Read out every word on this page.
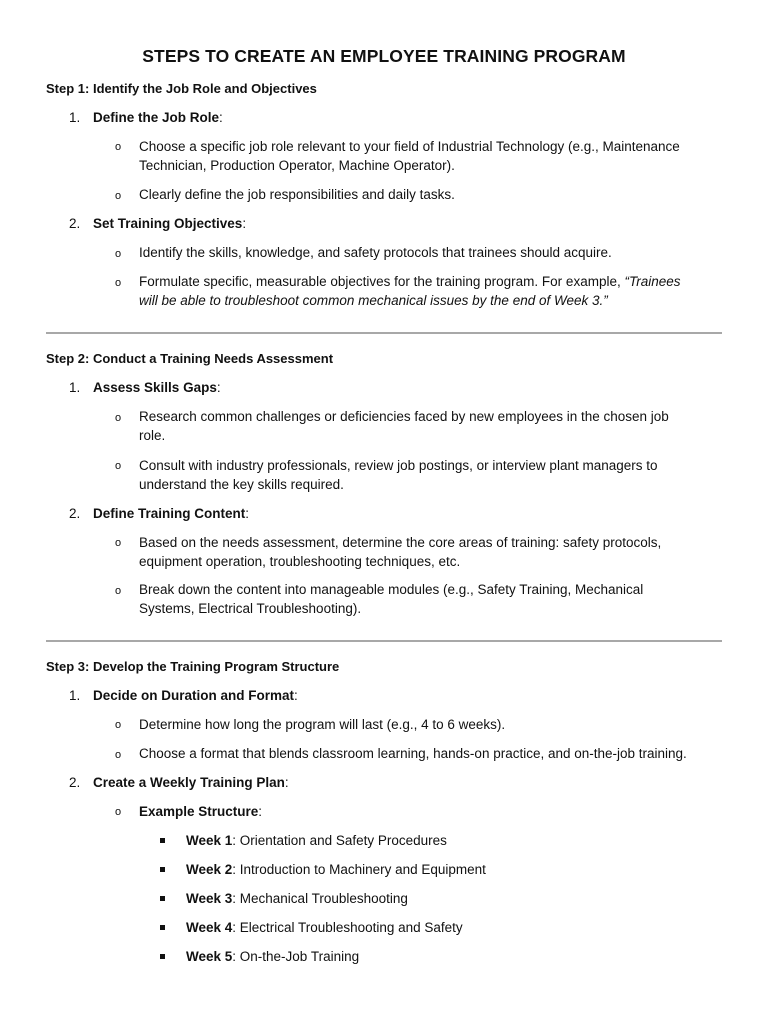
STEPS TO CREATE AN EMPLOYEE TRAINING PROGRAM
Step 1: Identify the Job Role and Objectives
1. Define the Job Role:
o Choose a specific job role relevant to your field of Industrial Technology (e.g., Maintenance
Technician, Production Operator, Machine Operator).
o Clearly define the job responsibilities and daily tasks.
2. Set Training Objectives:
o Identify the skills, knowledge, and safety protocols that trainees should acquire.
o Formulate specific, measurable objectives for the training program. For example, “Trainees
will be able to troubleshoot common mechanical issues by the end of Week 3.”
Step 2: Conduct a Training Needs Assessment
1. Assess Skills Gaps:
o Research common challenges or deficiencies faced by new employees in the chosen job
role.
o Consult with industry professionals, review job postings, or interview plant managers to
understand the key skills required.
2. Define Training Content:
o Based on the needs assessment, determine the core areas of training: safety protocols,
equipment operation, troubleshooting techniques, etc.
o Break down the content into manageable modules (e.g., Safety Training, Mechanical
Systems, Electrical Troubleshooting).
Step 3: Develop the Training Program Structure
1. Decide on Duration and Format:
o Determine how long the program will last (e.g., 4 to 6 weeks).
o Choose a format that blends classroom learning, hands-on practice, and on-the-job training.
2. Create a Weekly Training Plan:
o Example Structure:
Week 1: Orientation and Safety Procedures
Week 2: Introduction to Machinery and Equipment
Week 3: Mechanical Troubleshooting
Week 4: Electrical Troubleshooting and Safety
Week 5: On-the-Job Training
